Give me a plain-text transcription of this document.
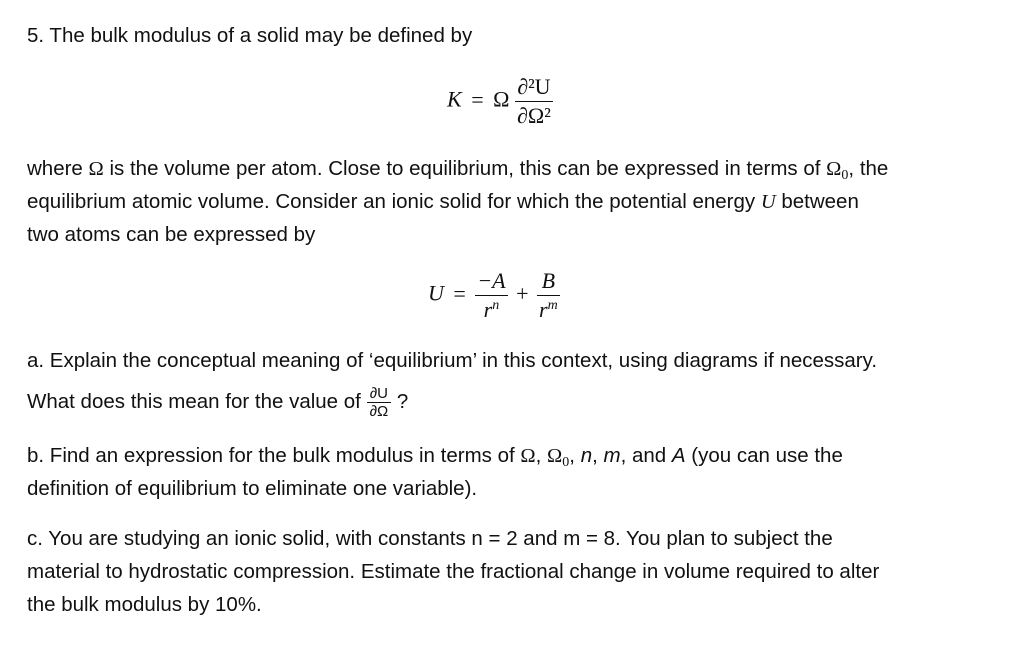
5. The bulk modulus of a solid may be defined by
K = Ω $\frac{\text{∂²U}}{\text{∂Ω²}}$
where Ω is the volume per atom. Close to equilibrium, this can be expressed in terms of $\Omega_0$, the
equilibrium atomic volume. Consider an ionic solid for which the potential energy U between
two atoms can be expressed by
$U = \frac{-A}{r^n} + \frac{B}{r^m}$
a. Explain the conceptual meaning of ‘equilibrium’ in this context, using diagrams if necessary.
What does this mean for the value of $\frac{\partial U}{\partial\Omega}$ ?
b. Find an expression for the bulk modulus in terms of Ω, $\Omega_0$, n, m, and A (you can use the
definition of equilibrium to eliminate one variable).
c. You are studying an ionic solid, with constants n = 2 and m = 8. You plan to subject the
material to hydrostatic compression. Estimate the fractional change in volume required to alter
the bulk modulus by 10%.
